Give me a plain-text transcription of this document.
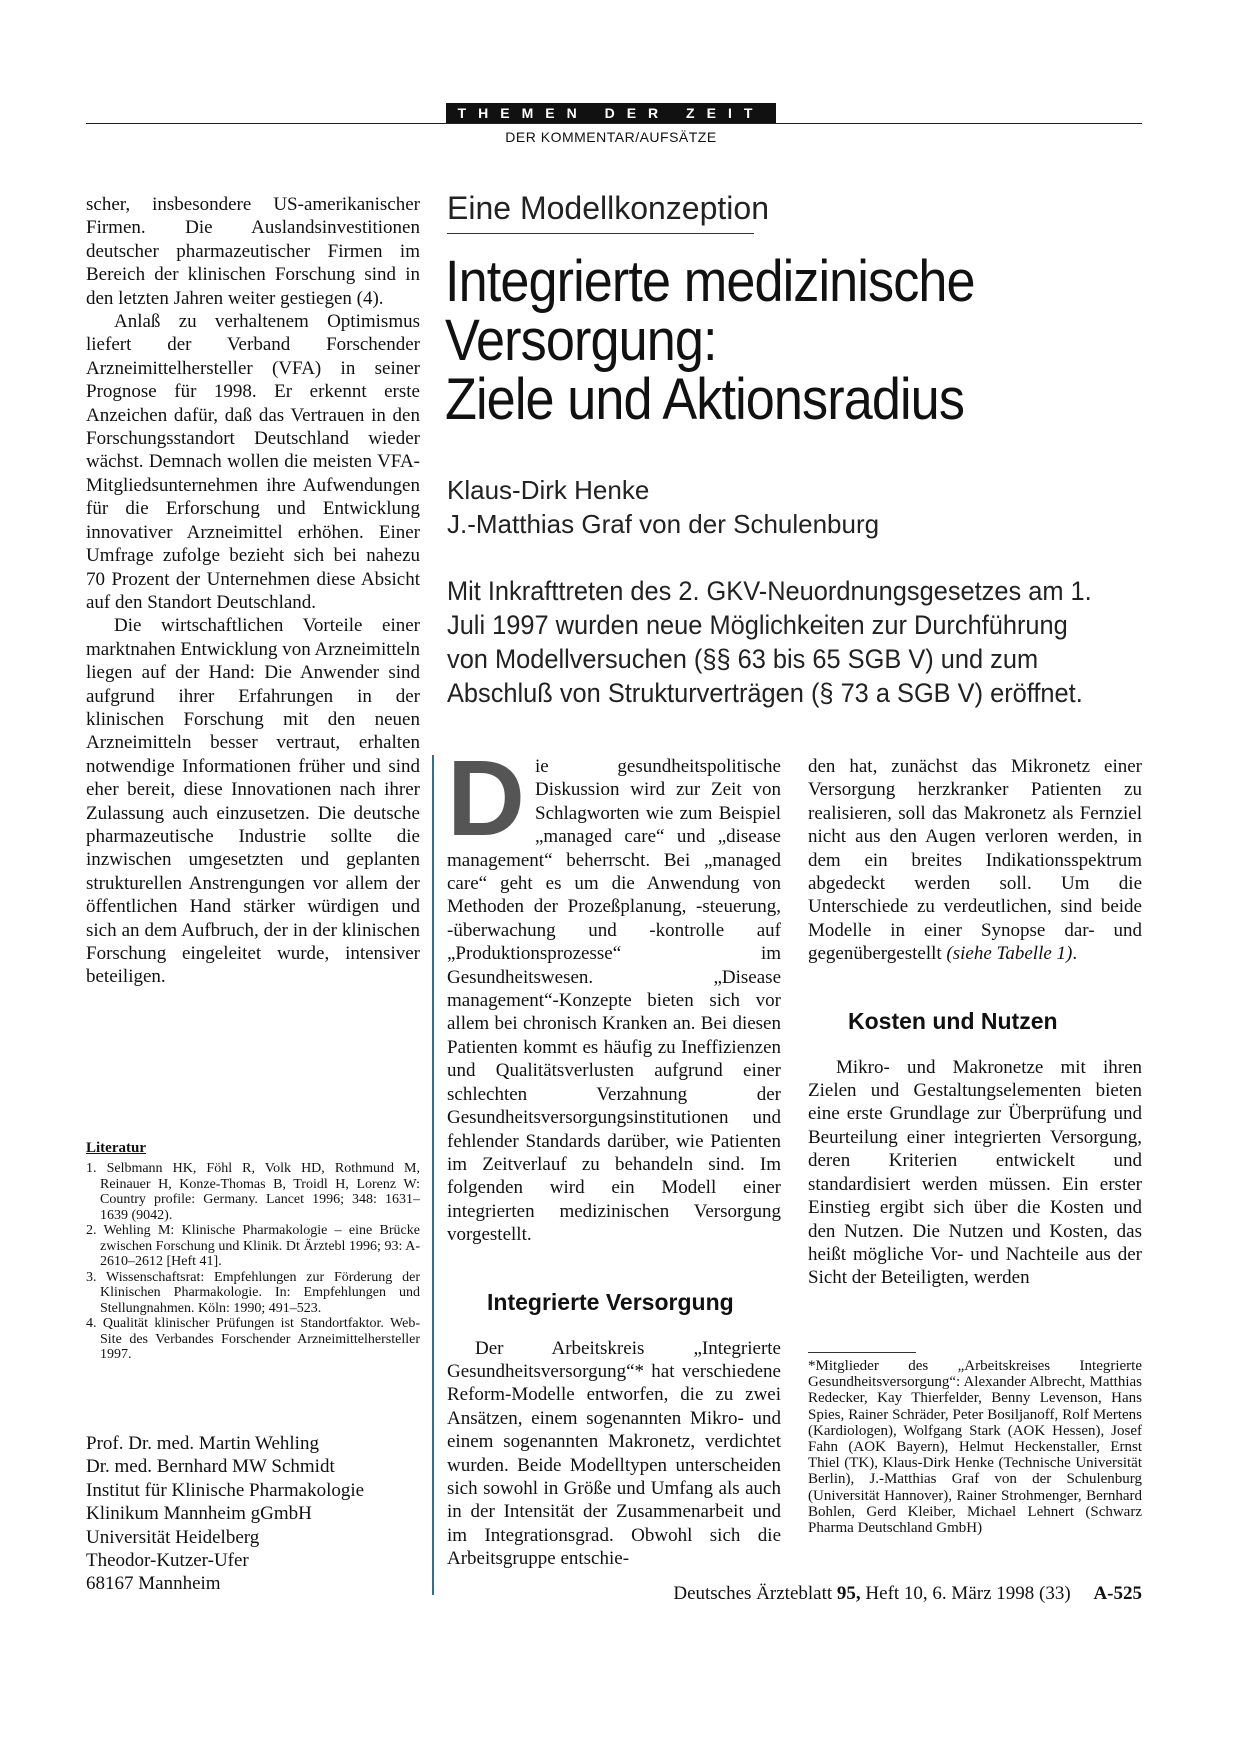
THEMEN DER ZEIT
DER KOMMENTAR/AUFSÄTZE

scher, insbesondere US-amerikanischer Firmen. Die Auslandsinvestitionen deutscher pharmazeutischer Firmen im Bereich der klinischen Forschung sind in den letzten Jahren weiter gestiegen (4).

Anlaß zu verhaltenem Optimismus liefert der Verband Forschender Arzneimittelhersteller (VFA) in seiner Prognose für 1998. Er erkennt erste Anzeichen dafür, daß das Vertrauen in den Forschungsstandort Deutschland wieder wächst. Demnach wollen die meisten VFA-Mitgliedsunternehmen ihre Aufwendungen für die Erforschung und Entwicklung innovativer Arzneimittel erhöhen. Einer Umfrage zufolge bezieht sich bei nahezu 70 Prozent der Unternehmen diese Absicht auf den Standort Deutschland.

Die wirtschaftlichen Vorteile einer marktnahen Entwicklung von Arzneimitteln liegen auf der Hand: Die Anwender sind aufgrund ihrer Erfahrungen in der klinischen Forschung mit den neuen Arzneimitteln besser vertraut, erhalten notwendige Informationen früher und sind eher bereit, diese Innovationen nach ihrer Zulassung auch einzusetzen. Die deutsche pharmazeutische Industrie sollte die inzwischen umgesetzten und geplanten strukturellen Anstrengungen vor allem der öffentlichen Hand stärker würdigen und sich an dem Aufbruch, der in der klinischen Forschung eingeleitet wurde, intensiver beteiligen.

Literatur
1. Selbmann HK, Föhl R, Volk HD, Rothmund M, Reinauer H, Konze-Thomas B, Troidl H, Lorenz W: Country profile: Germany. Lancet 1996; 348: 1631–1639 (9042).
2. Wehling M: Klinische Pharmakologie – eine Brücke zwischen Forschung und Klinik. Dt Ärztebl 1996; 93: A-2610–2612 [Heft 41].
3. Wissenschaftsrat: Empfehlungen zur Förderung der Klinischen Pharmakologie. In: Empfehlungen und Stellungnahmen. Köln: 1990; 491–523.
4. Qualität klinischer Prüfungen ist Standortfaktor. Web-Site des Verbandes Forschender Arzneimittelhersteller 1997.
Prof. Dr. med. Martin Wehling
Dr. med. Bernhard MW Schmidt
Institut für Klinische Pharmakologie
Klinikum Mannheim gGmbH
Universität Heidelberg
Theodor-Kutzer-Ufer
68167 Mannheim
Eine Modellkonzeption
Integrierte medizinische
Versorgung:
Ziele und Aktionsradius
Klaus-Dirk Henke
J.-Matthias Graf von der Schulenburg
Mit Inkrafttreten des 2. GKV-Neuordnungsgesetzes am 1. Juli 1997 wurden neue Möglichkeiten zur Durchführung von Modellversuchen (§§ 63 bis 65 SGB V) und zum Abschluß von Strukturverträgen (§ 73 a SGB V) eröffnet.

Die gesundheitspolitische Diskussion wird zur Zeit von Schlagworten wie zum Beispiel „managed care“ und „disease management“ beherrscht. Bei „managed care“ geht es um die Anwendung von Methoden der Prozeßplanung, -steuerung, -überwachung und -kontrolle auf „Produktionsprozesse“ im Gesundheitswesen. „Disease management“-Konzepte bieten sich vor allem bei chronisch Kranken an. Bei diesen Patienten kommt es häufig zu Ineffizienzen und Qualitätsverlusten aufgrund einer schlechten Verzahnung der Gesundheitsversorgungsinstitutionen und fehlender Standards darüber, wie Patienten im Zeitverlauf zu behandeln sind. Im folgenden wird ein Modell einer integrierten medizinischen Versorgung vorgestellt.

Integrierte Versorgung

Der Arbeitskreis „Integrierte Gesundheitsversorgung“* hat verschiedene Reform-Modelle entworfen, die zu zwei Ansätzen, einem sogenannten Mikro- und einem sogenannten Makronetz, verdichtet wurden. Beide Modelltypen unterscheiden sich sowohl in Größe und Umfang als auch in der Intensität der Zusammenarbeit und im Integrationsgrad. Obwohl sich die Arbeitsgruppe entschie-

den hat, zunächst das Mikronetz einer Versorgung herzkranker Patienten zu realisieren, soll das Makronetz als Fernziel nicht aus den Augen verloren werden, in dem ein breites Indikationsspektrum abgedeckt werden soll. Um die Unterschiede zu verdeutlichen, sind beide Modelle in einer Synopse dar- und gegenübergestellt (siehe Tabelle 1).

Kosten und Nutzen

Mikro- und Makronetze mit ihren Zielen und Gestaltungselementen bieten eine erste Grundlage zur Überprüfung und Beurteilung einer integrierten Versorgung, deren Kriterien entwickelt und standardisiert werden müssen. Ein erster Einstieg ergibt sich über die Kosten und den Nutzen. Die Nutzen und Kosten, das heißt mögliche Vor- und Nachteile aus der Sicht der Beteiligten, werden

*Mitglieder des „Arbeitskreises Integrierte Gesundheitsversorgung“: Alexander Albrecht, Matthias Redecker, Kay Thierfelder, Benny Levenson, Hans Spies, Rainer Schräder, Peter Bosiljanoff, Rolf Mertens (Kardiologen), Wolfgang Stark (AOK Hessen), Josef Fahn (AOK Bayern), Helmut Heckenstaller, Ernst Thiel (TK), Klaus-Dirk Henke (Technische Universität Berlin), J.-Matthias Graf von der Schulenburg (Universität Hannover), Rainer Strohmenger, Bernhard Bohlen, Gerd Kleiber, Michael Lehnert (Schwarz Pharma Deutschland GmbH)
Deutsches Ärzteblatt 95, Heft 10, 6. März 1998 (33) A-525
